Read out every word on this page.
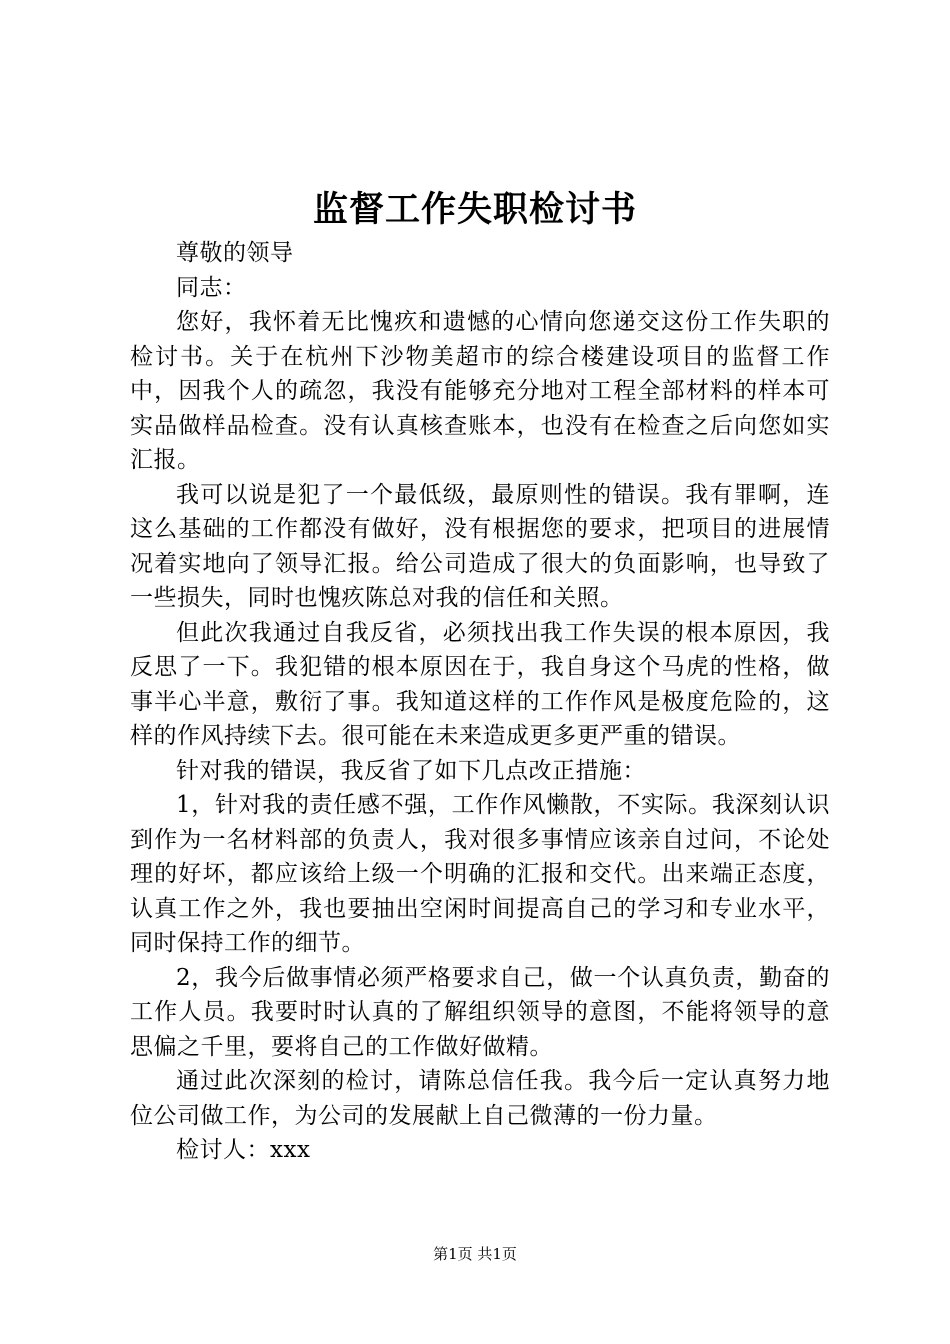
监督工作失职检讨书

尊敬的领导

同志：

您好，我怀着无比愧疚和遗憾的心情向您递交这份工作失职的检讨书。关于在杭州下沙物美超市的综合楼建设项目的监督工作中，因我个人的疏忽，我没有能够充分地对工程全部材料的样本可实品做样品检查。没有认真核查账本，也没有在检查之后向您如实汇报。

我可以说是犯了一个最低级，最原则性的错误。我有罪啊，连这么基础的工作都没有做好，没有根据您的要求，把项目的进展情况着实地向了领导汇报。给公司造成了很大的负面影响，也导致了一些损失，同时也愧疚陈总对我的信任和关照。

但此次我通过自我反省，必须找出我工作失误的根本原因，我反思了一下。我犯错的根本原因在于，我自身这个马虎的性格，做事半心半意，敷衍了事。我知道这样的工作作风是极度危险的，这样的作风持续下去。很可能在未来造成更多更严重的错误。

针对我的错误，我反省了如下几点改正措施：

1，针对我的责任感不强，工作作风懒散，不实际。我深刻认识到作为一名材料部的负责人，我对很多事情应该亲自过问，不论处理的好坏，都应该给上级一个明确的汇报和交代。出来端正态度，认真工作之外，我也要抽出空闲时间提高自己的学习和专业水平，同时保持工作的细节。

2，我今后做事情必须严格要求自己，做一个认真负责，勤奋的工作人员。我要时时认真的了解组织领导的意图，不能将领导的意思偏之千里，要将自己的工作做好做精。

通过此次深刻的检讨，请陈总信任我。我今后一定认真努力地位公司做工作，为公司的发展献上自己微薄的一份力量。

检讨人：xxx

第1页 共1页
